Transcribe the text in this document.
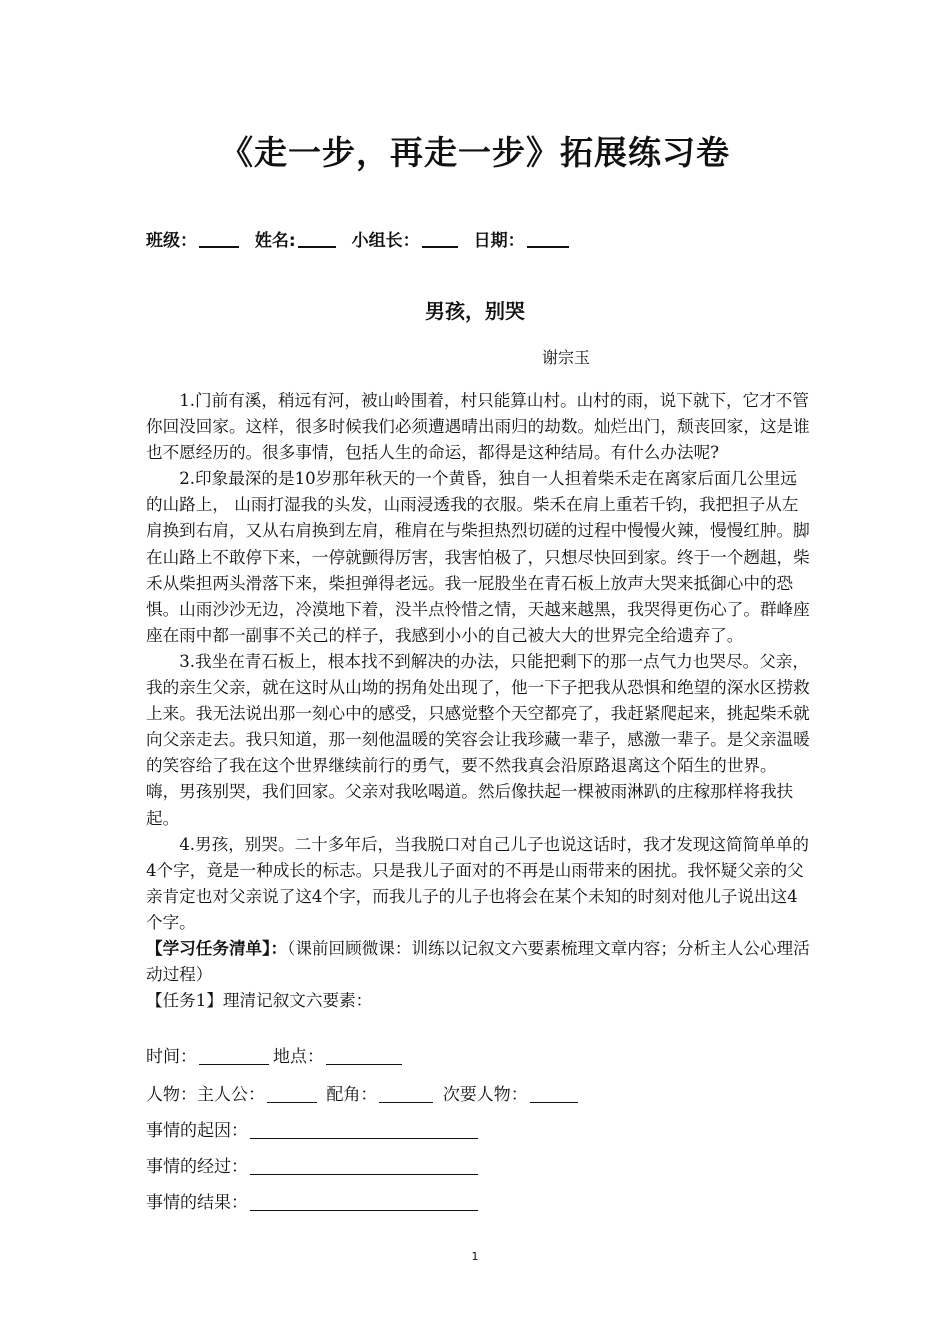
《走一步，再走一步》拓展练习卷
班级：	姓名:	小组长：	日期：
男孩，别哭
谢宗玉

1.门前有溪，稍远有河，被山岭围着，村只能算山村。山村的雨，说下就下，它才不管你回没回家。这样，很多时候我们必须遭遇晴出雨归的劫数。灿烂出门，颓丧回家，这是谁也不愿经历的。很多事情，包括人生的命运，都得是这种结局。有什么办法呢?

2.印象最深的是10岁那年秋天的一个黄昏，独自一人担着柴禾走在离家后面几公里远的山路上， 山雨打湿我的头发，山雨浸透我的衣服。柴禾在肩上重若千钧，我把担子从左肩换到右肩，又从右肩换到左肩，稚肩在与柴担热烈切磋的过程中慢慢火辣，慢慢红肿。脚在山路上不敢停下来，一停就颤得厉害，我害怕极了，只想尽快回到家。终于一个趔趄，柴禾从柴担两头滑落下来，柴担弹得老远。我一屁股坐在青石板上放声大哭来抵御心中的恐惧。山雨沙沙无边，冷漠地下着，没半点怜惜之情，天越来越黑，我哭得更伤心了。群峰座座在雨中都一副事不关己的样子，我感到小小的自己被大大的世界完全给遗弃了。

3.我坐在青石板上，根本找不到解决的办法，只能把剩下的那一点气力也哭尽。父亲，我的亲生父亲，就在这时从山坳的拐角处出现了，他一下子把我从恐惧和绝望的深水区捞救上来。我无法说出那一刻心中的感受，只感觉整个天空都亮了，我赶紧爬起来，挑起柴禾就向父亲走去。我只知道，那一刻他温暖的笑容会让我珍藏一辈子，感激一辈子。是父亲温暖的笑容给了我在这个世界继续前行的勇气，要不然我真会沿原路退离这个陌生的世界。 嗨，男孩别哭，我们回家。父亲对我吆喝道。然后像扶起一棵被雨淋趴的庄稼那样将我扶起。

4.男孩，别哭。二十多年后，当我脱口对自己儿子也说这话时，我才发现这简简单单的4个字，竟是一种成长的标志。只是我儿子面对的不再是山雨带来的困扰。我怀疑父亲的父亲肯定也对父亲说了这4个字，而我儿子的儿子也将会在某个未知的时刻对他儿子说出这4个字。

【学习任务清单】：（课前回顾微课：训练以记叙文六要素梳理文章内容；分析主人公心理活动过程）

【任务1】理清记叙文六要素：

时间：	地点：
人物：主人公：	配角：	次要人物：
事情的起因：
事情的经过：
事情的结果：
1
